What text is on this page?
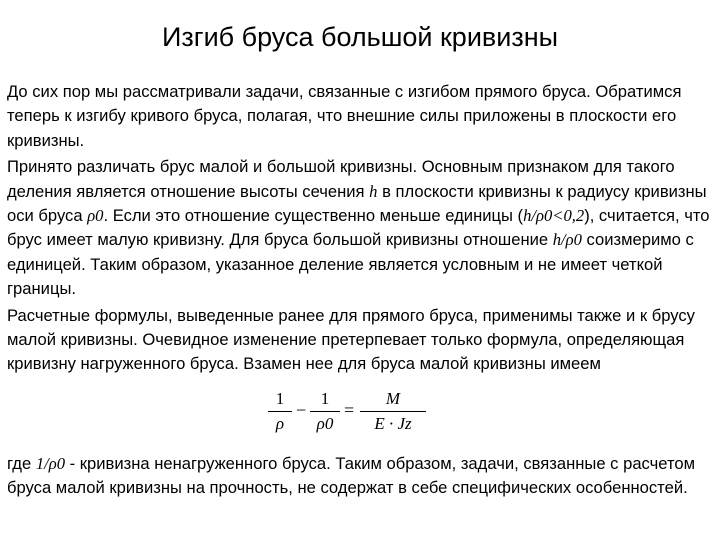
Изгиб бруса большой кривизны

До сих пор мы рассматривали задачи, связанные с изгибом прямого бруса. Обратимся теперь к изгибу кривого бруса, полагая, что внешние силы приложены в плоскости его кривизны.

Принято различать брус малой и большой кривизны. Основным признаком для такого деления является отношение высоты сечения h в плоскости кривизны к радиусу кривизны оси бруса ρ0. Если это отношение существенно меньше единицы (h/ρ0<0,2), считается, что брус имеет малую кривизну. Для бруса большой кривизны отношение h/ρ0 соизмеримо с единицей. Таким образом, указанное деление является условным и не имеет четкой границы.

Расчетные формулы, выведенные ранее для прямого бруса, применимы также и к брусу малой кривизны. Очевидное изменение претерпевает только формула, определяющая кривизну нагруженного бруса. Взамен нее для бруса малой кривизны имеем

1
ρ
−
1
ρ0
=
M
E · Jz
где 1/ρ0 - кривизна ненагруженного бруса. Таким образом, задачи, связанные с расчетом бруса малой кривизны на прочность, не содержат в себе специфических особенностей.
